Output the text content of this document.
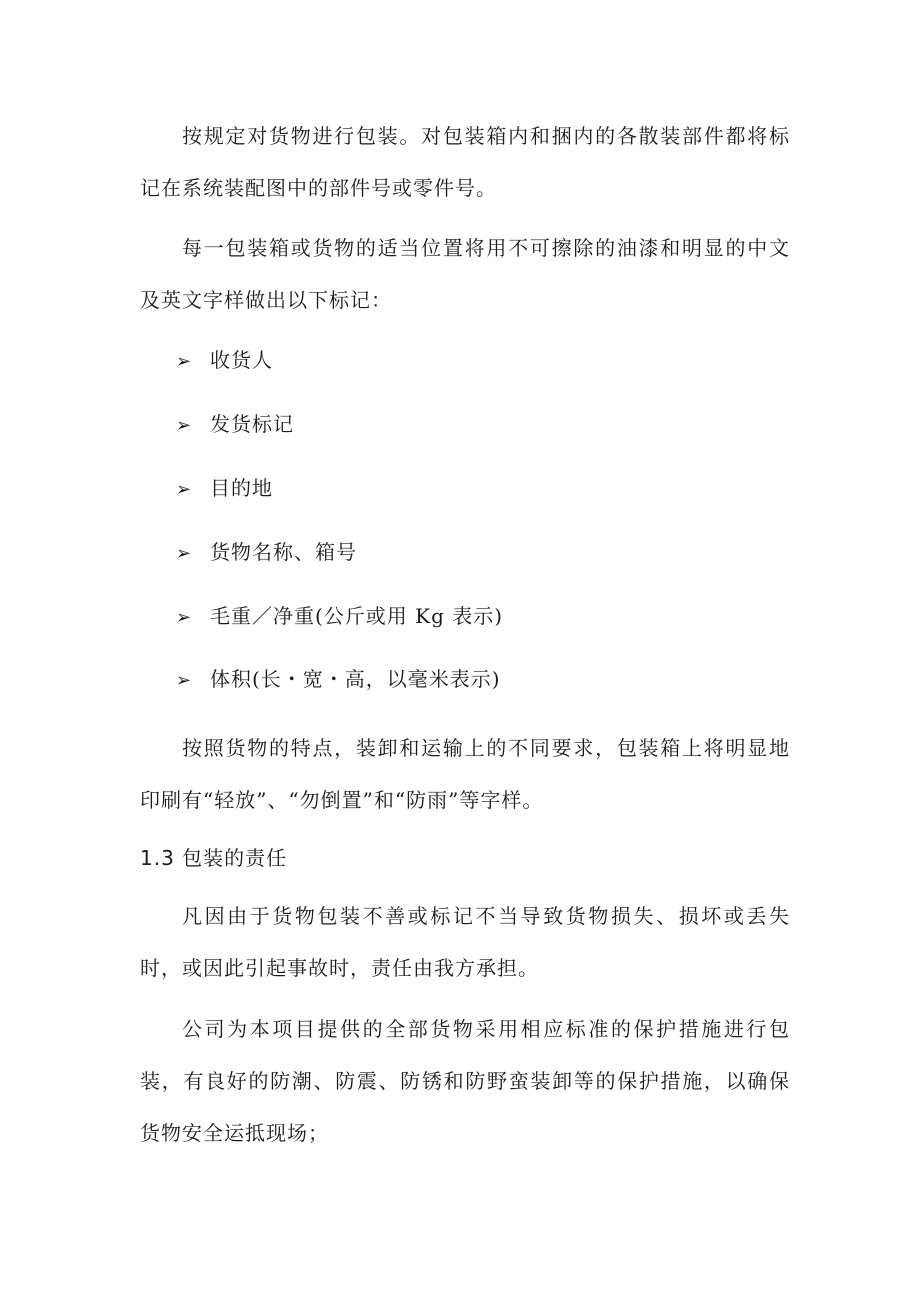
按规定对货物进行包装。对包装箱内和捆内的各散装部件都将标记在系统装配图中的部件号或零件号。

每一包装箱或货物的适当位置将用不可擦除的油漆和明显的中文及英文字样做出以下标记：

➢ 收货人
➢ 发货标记
➢ 目的地
➢ 货物名称、箱号
➢ 毛重／净重(公斤或用 Kg 表示)
➢ 体积(长・宽・高，以毫米表示)

按照货物的特点，装卸和运输上的不同要求，包装箱上将明显地印刷有“轻放”、“勿倒置”和“防雨”等字样。

1.3 包装的责任

凡因由于货物包装不善或标记不当导致货物损失、损坏或丢失时，或因此引起事故时，责任由我方承担。

公司为本项目提供的全部货物采用相应标准的保护措施进行包装，有良好的防潮、防震、防锈和防野蛮装卸等的保护措施，以确保货物安全运抵现场；
